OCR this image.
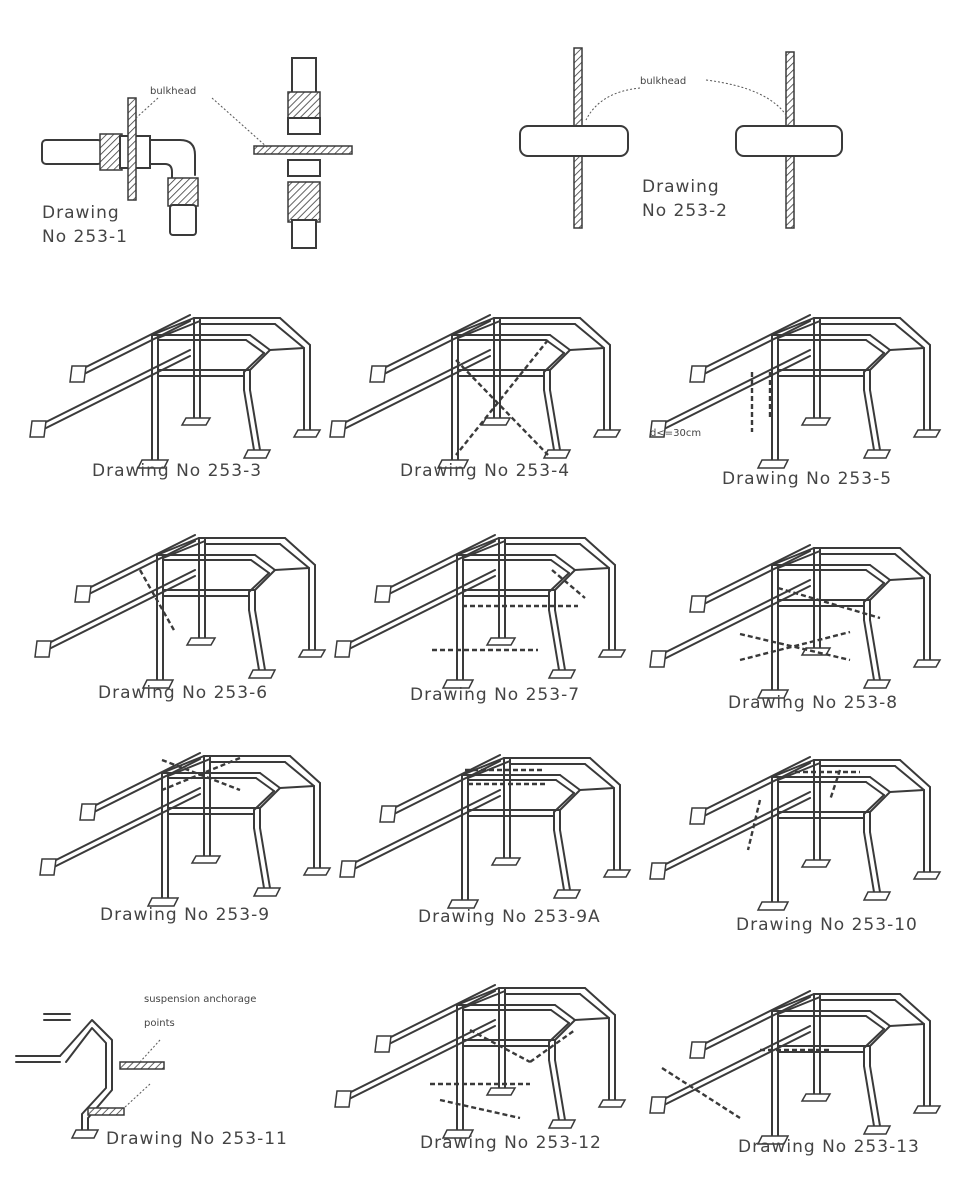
bulkhead
Drawing
No 253-1
bulkhead
Drawing
No 253-2
Drawing No 253-3	Drawing No 253-4
d<=30cm
Drawing No 253-5
Drawing No 253-6	Drawing No 253-7	Drawing No 253-8
Drawing No 253-9	Drawing No 253-9A	Drawing No 253-10
suspension anchorage
points
Drawing No 253-11	Drawing No 253-12	Drawing No 253-13
